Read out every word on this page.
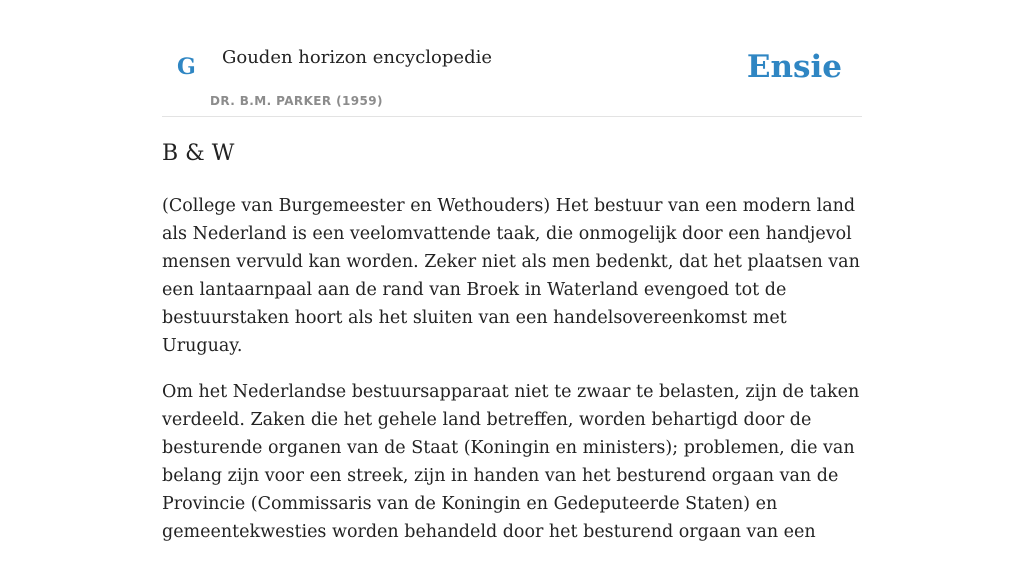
G Gouden horizon encyclopedie
DR. B.M. PARKER (1959)
Ensie
B & W

(College van Burgemeester en Wethouders) Het bestuur van een modern land als Nederland is een veelomvattende taak, die onmogelijk door een handjevol mensen vervuld kan worden. Zeker niet als men bedenkt, dat het plaatsen van een lantaarnpaal aan de rand van Broek in Waterland evengoed tot de bestuurstaken hoort als het sluiten van een handelsovereenkomst met Uruguay.

Om het Nederlandse bestuursapparaat niet te zwaar te belasten, zijn de taken verdeeld. Zaken die het gehele land betreffen, worden behartigd door de besturende organen van de Staat (Koningin en ministers); problemen, die van belang zijn voor een streek, zijn in handen van het besturend orgaan van de Provincie (Commissaris van de Koningin en Gedeputeerde Staten) en gemeentekwesties worden behandeld door het besturend orgaan van een
